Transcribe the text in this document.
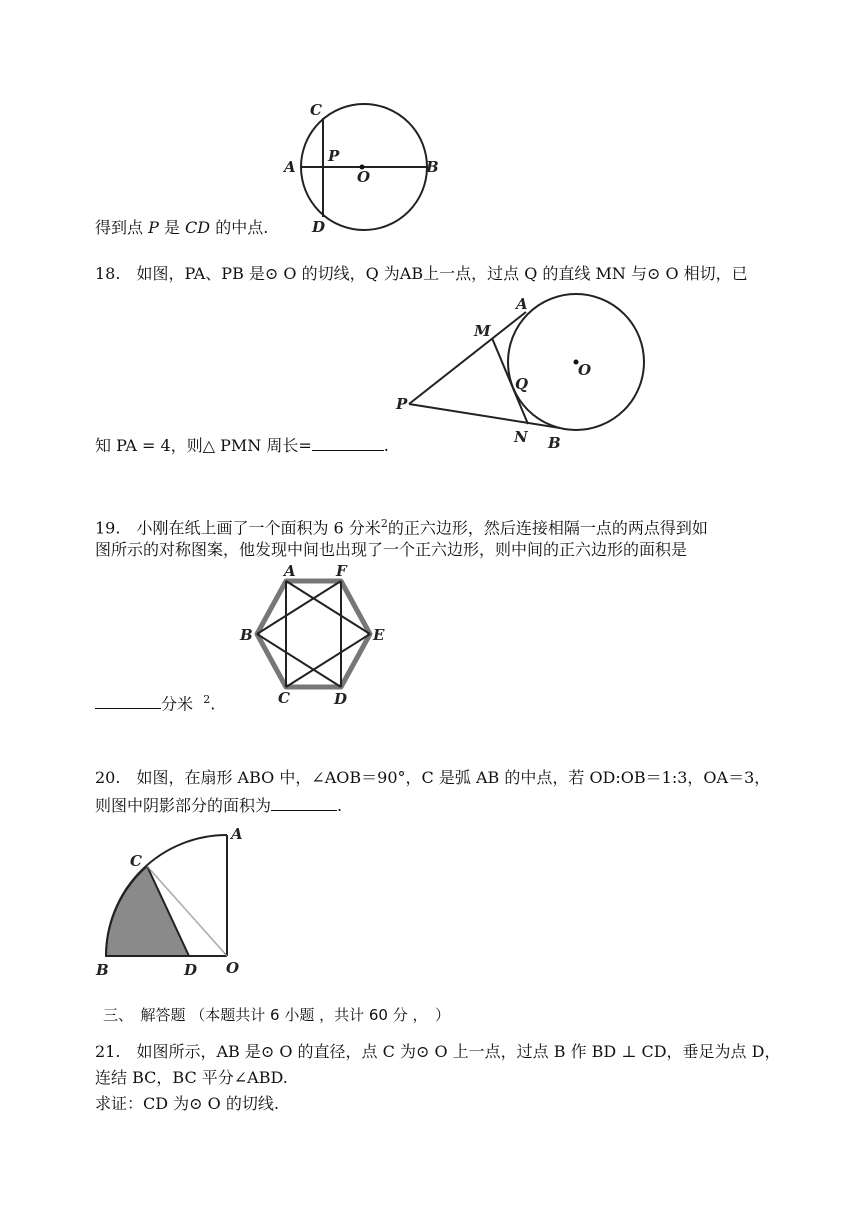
C
A
P
O
B
D
得到点 P 是 CD 的中点.
18.　如图，PA、PB 是⊙ O 的切线，Q 为AB上一点，过点 Q 的直线 MN 与⊙ O 相切，已
A
M
Q
O
P
N B
知 PA = 4，则△ PMN 周长=	.
19.　小刚在纸上画了一个面积为 6 分米$^2$的正六边形，然后连接相隔一点的两点得到如
图所示的对称图案，他发现中间也出现了一个正六边形，则中间的正六边形的面积是
A	F
B	E
C	D
分米 $^2$.
20.　如图，在扇形 ABO 中，∠AOB＝90°，C 是弧 AB 的中点，若 OD:OB＝1:3，OA＝3，
则图中阴影部分的面积为	.
A
C
B	D O
三、　解答题 （本题共计 6 小题 ，共计 60 分 ，　）
21.　如图所示，AB 是⊙ O 的直径，点 C 为⊙ O 上一点，过点 B 作 BD ⊥ CD，垂足为点 D，
连结 BC，BC 平分∠ABD.
求证：CD 为⊙ O 的切线.
